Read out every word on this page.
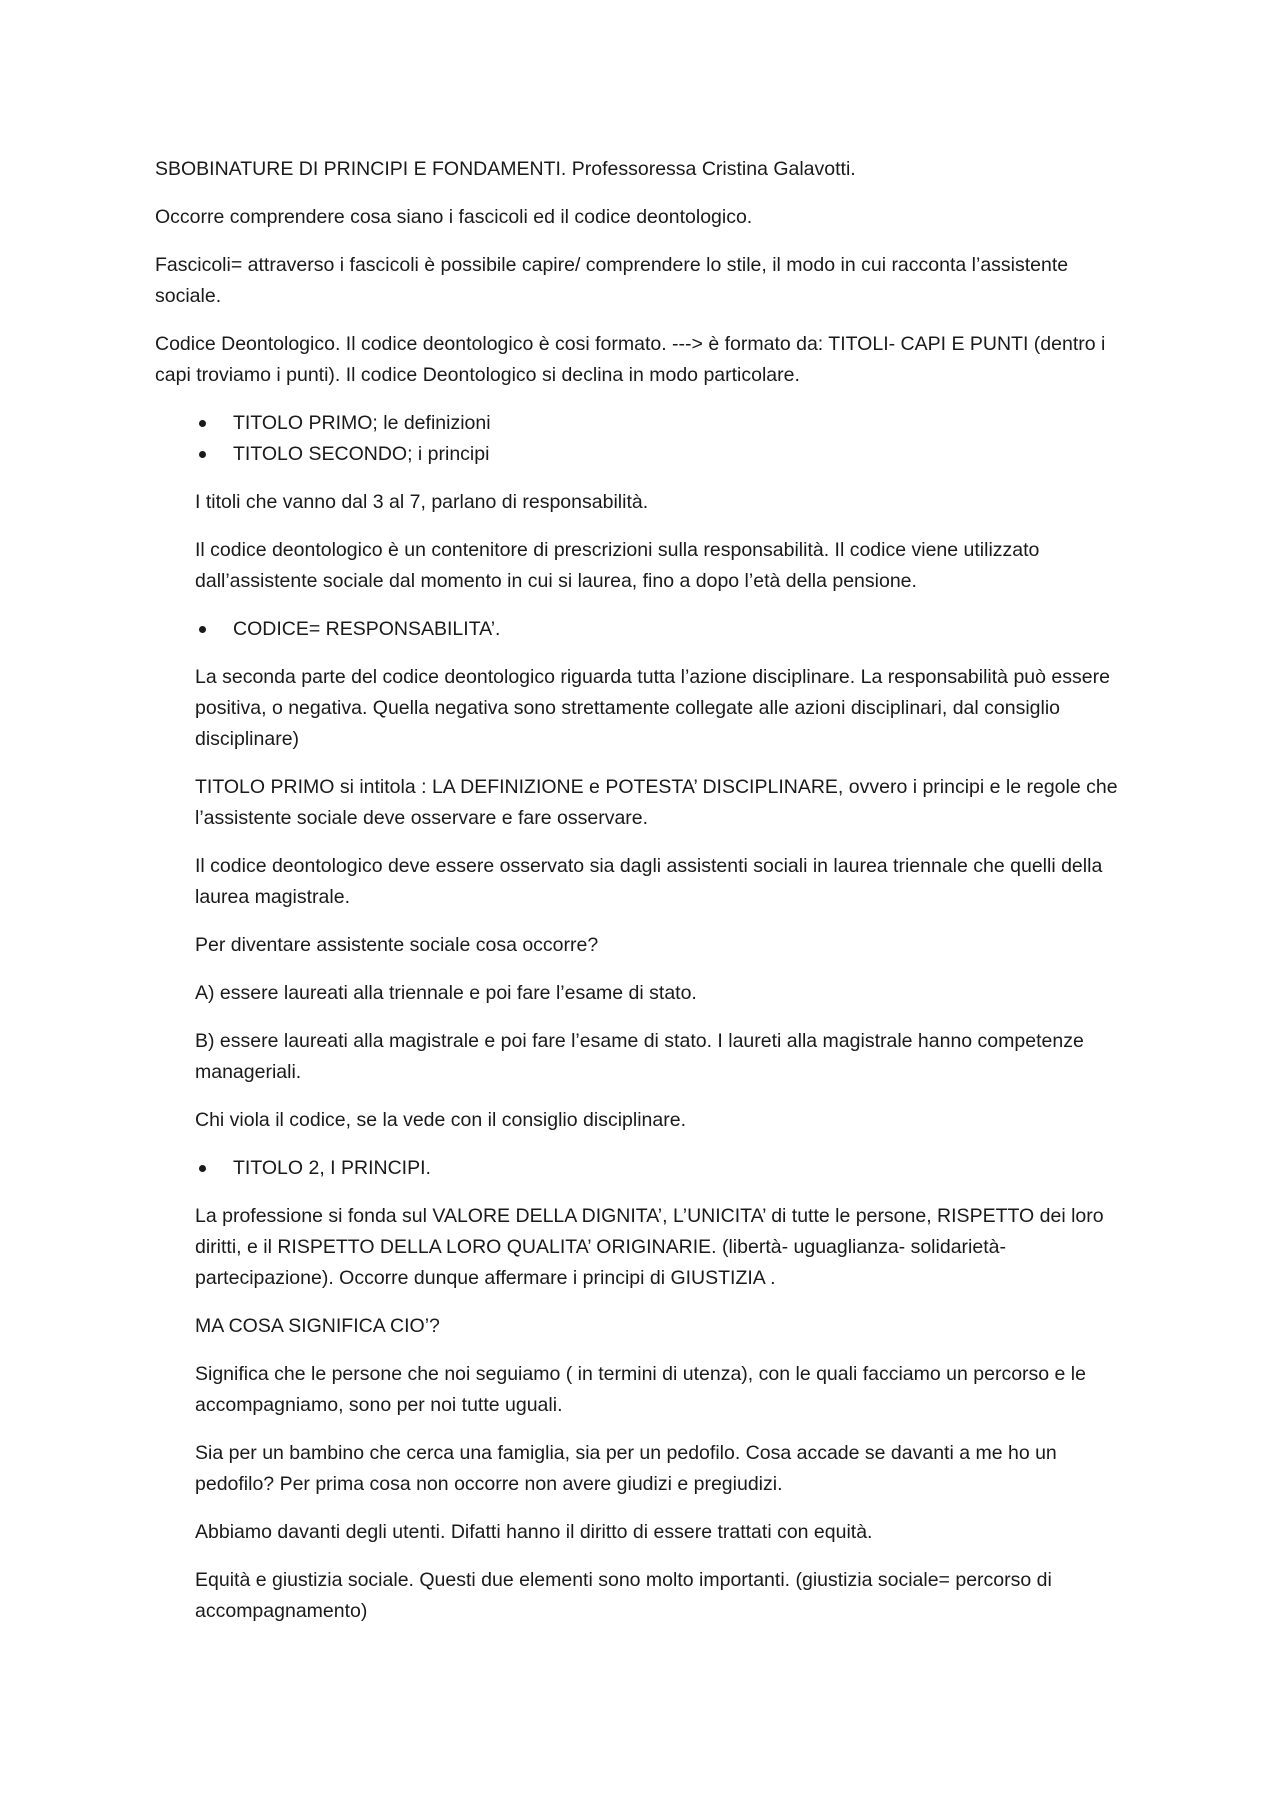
SBOBINATURE DI PRINCIPI E FONDAMENTI. Professoressa Cristina Galavotti.

Occorre comprendere cosa siano i fascicoli ed il codice deontologico.

Fascicoli= attraverso i fascicoli è possibile capire/ comprendere lo stile, il modo in cui racconta l’assistente sociale.

Codice Deontologico. Il codice deontologico è cosi formato. ---> è formato da: TITOLI- CAPI E PUNTI (dentro i capi troviamo i punti). Il codice Deontologico si declina in modo particolare.

TITOLO PRIMO; le definizioni
TITOLO SECONDO; i principi

I titoli che vanno dal 3 al 7, parlano di responsabilità.

Il codice deontologico è un contenitore di prescrizioni sulla responsabilità. Il codice viene utilizzato dall’assistente sociale dal momento in cui si laurea, fino a dopo l’età della pensione.

CODICE= RESPONSABILITA’.

La seconda parte del codice deontologico riguarda tutta l’azione disciplinare. La responsabilità può essere positiva, o negativa. Quella negativa sono strettamente collegate alle azioni disciplinari, dal consiglio disciplinare)

TITOLO PRIMO si intitola : LA DEFINIZIONE e POTESTA’ DISCIPLINARE, ovvero i principi e le regole che l’assistente sociale deve osservare e fare osservare.

Il codice deontologico deve essere osservato sia dagli assistenti sociali in laurea triennale che quelli della laurea magistrale.

Per diventare assistente sociale cosa occorre?

A) essere laureati alla triennale e poi fare l’esame di stato.

B) essere laureati alla magistrale e poi fare l’esame di stato. I laureti alla magistrale hanno competenze manageriali.

Chi viola il codice, se la vede con il consiglio disciplinare.

TITOLO 2, I PRINCIPI.

La professione si fonda sul VALORE DELLA DIGNITA’, L’UNICITA’ di tutte le persone, RISPETTO dei loro diritti, e il RISPETTO DELLA LORO QUALITA’ ORIGINARIE. (libertà- uguaglianza- solidarietà- partecipazione). Occorre dunque affermare i principi di GIUSTIZIA .

MA COSA SIGNIFICA CIO’?

Significa che le persone che noi seguiamo ( in termini di utenza), con le quali facciamo un percorso e le accompagniamo, sono per noi tutte uguali.

Sia per un bambino che cerca una famiglia, sia per un pedofilo. Cosa accade se davanti a me ho un pedofilo? Per prima cosa non occorre non avere giudizi e pregiudizi.

Abbiamo davanti degli utenti. Difatti hanno il diritto di essere trattati con equità.

Equità e giustizia sociale. Questi due elementi sono molto importanti. (giustizia sociale= percorso di accompagnamento)
